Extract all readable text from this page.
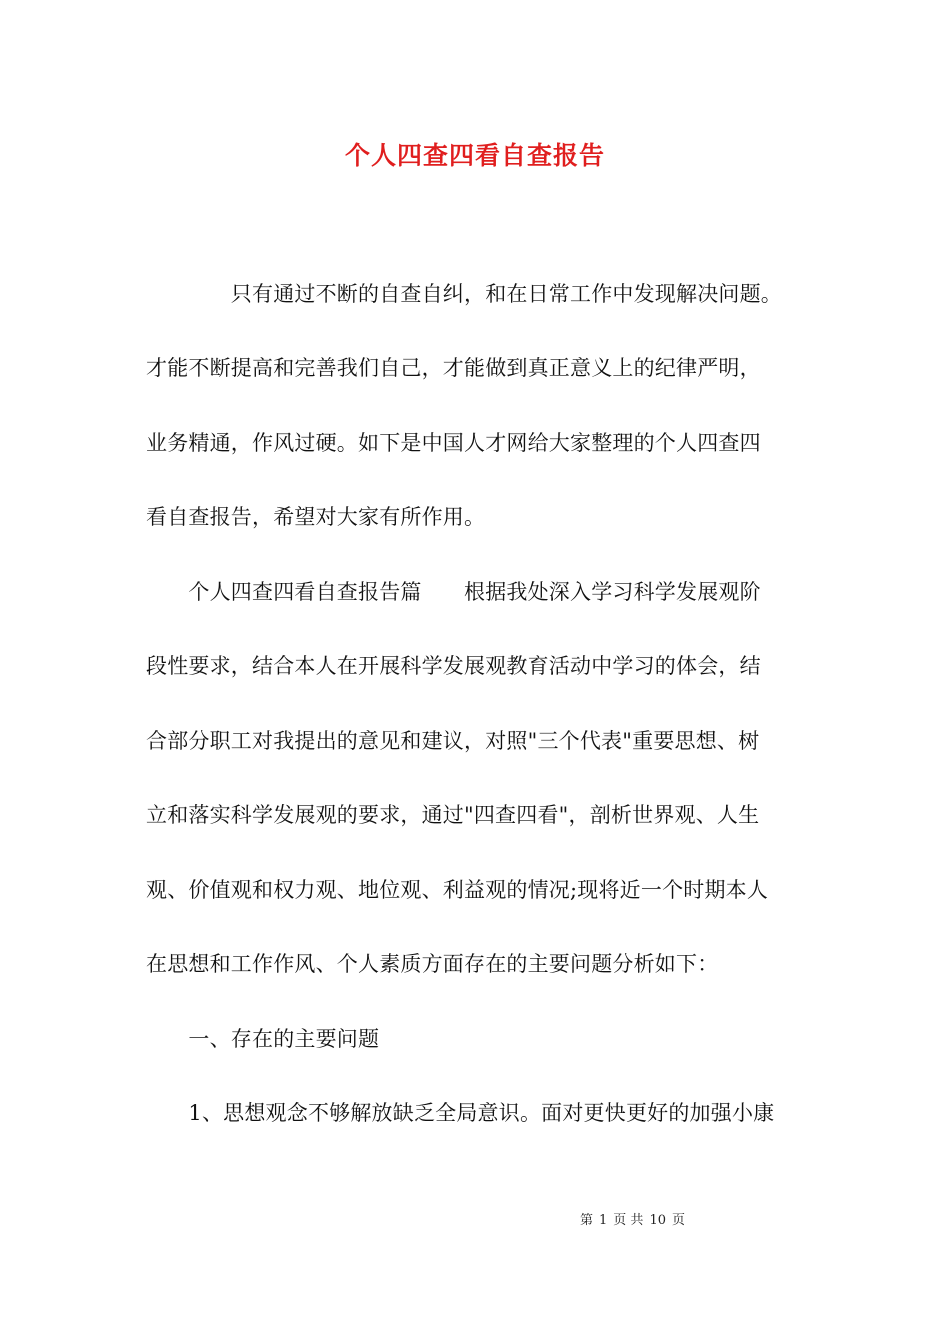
个人四查四看自查报告
　　　　只有通过不断的自查自纠，和在日常工作中发现解决问题。
才能不断提高和完善我们自己，才能做到真正意义上的纪律严明，
业务精通，作风过硬。如下是中国人才网给大家整理的个人四查四
看自查报告，希望对大家有所作用。
　　个人四查四看自查报告篇　　根据我处深入学习科学发展观阶
段性要求，结合本人在开展科学发展观教育活动中学习的体会，结
合部分职工对我提出的意见和建议，对照"三个代表"重要思想、树
立和落实科学发展观的要求，通过"四查四看"，剖析世界观、人生
观、价值观和权力观、地位观、利益观的情况;现将近一个时期本人
在思想和工作作风、个人素质方面存在的主要问题分析如下：
　　一、存在的主要问题
　　1、思想观念不够解放缺乏全局意识。面对更快更好的加强小康
第 1 页 共 10 页
